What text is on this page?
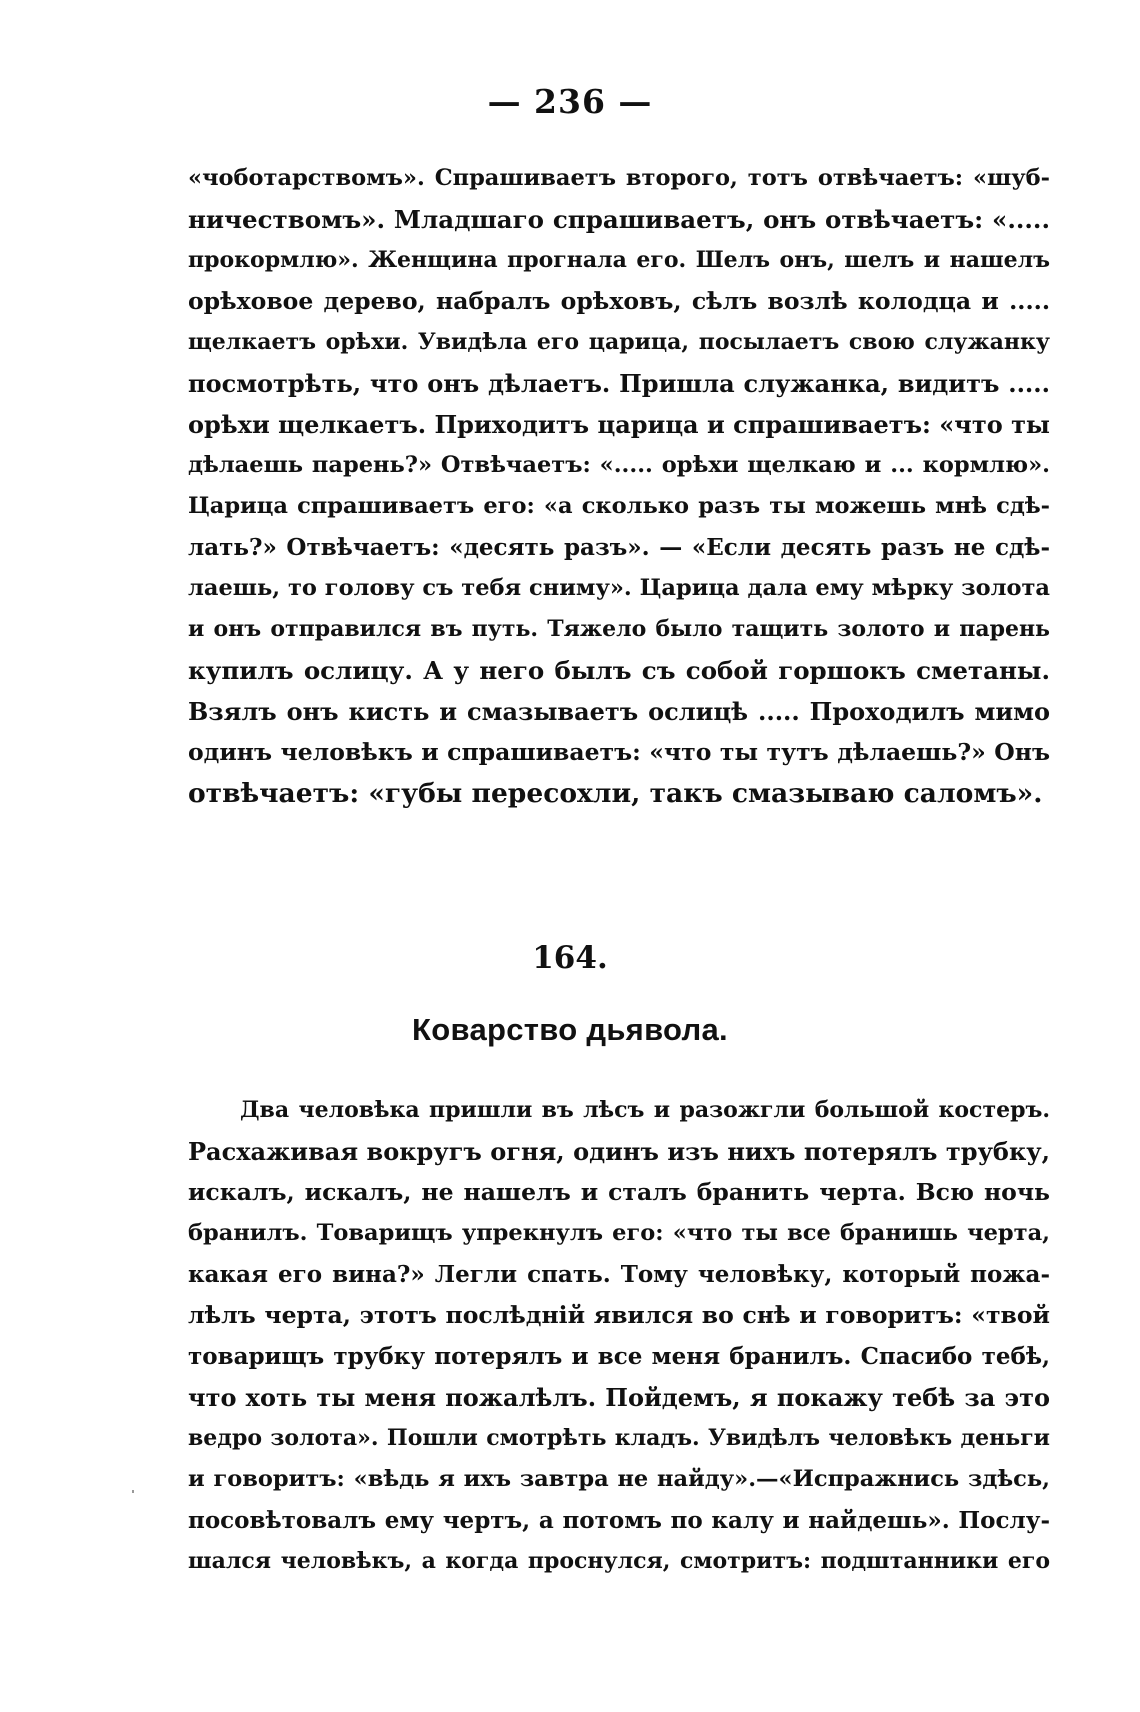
— 236 —
«чоботарствомъ». Спрашиваетъ второго, тотъ отвѣчаетъ: «шуб-
ничествомъ». Младшаго спрашиваетъ, онъ отвѣчаетъ: «.....
прокормлю». Женщина прогнала его. Шелъ онъ, шелъ и нашелъ
орѣховое дерево, набралъ орѣховъ, сѣлъ возлѣ колодца и .....
щелкаетъ орѣхи. Увидѣла его царица, посылаетъ свою служанку
посмотрѣть, что онъ дѣлаетъ. Пришла служанка, видитъ .....
орѣхи щелкаетъ. Приходитъ царица и спрашиваетъ: «что ты
дѣлаешь парень?» Отвѣчаетъ: «..... орѣхи щелкаю и ... кормлю».
Царица спрашиваетъ его: «а сколько разъ ты можешь мнѣ сдѣ-
лать?» Отвѣчаетъ: «десять разъ». — «Если десять разъ не сдѣ-
лаешь, то голову съ тебя сниму». Царица дала ему мѣрку золота
и онъ отправился въ путь. Тяжело было тащить золото и парень
купилъ ослицу. А у него былъ съ собой горшокъ сметаны.
Взялъ онъ кисть и смазываетъ ослицѣ ..... Проходилъ мимо
одинъ человѣкъ и спрашиваетъ: «что ты тутъ дѣлаешь?» Онъ
отвѣчаетъ: «губы пересохли, такъ смазываю саломъ».
164.
Коварство дьявола.
Два человѣка пришли въ лѣсъ и разожгли большой костеръ.
Расхаживая вокругъ огня, одинъ изъ нихъ потерялъ трубку,
искалъ, искалъ, не нашелъ и сталъ бранить черта. Всю ночь
бранилъ. Товарищъ упрекнулъ его: «что ты все бранишь черта,
какая его вина?» Легли спать. Тому человѣку, который пожа-
лѣлъ черта, этотъ послѣдній явился во снѣ и говоритъ: «твой
товарищъ трубку потерялъ и все меня бранилъ. Спасибо тебѣ,
что хоть ты меня пожалѣлъ. Пойдемъ, я покажу тебѣ за это
ведро золота». Пошли смотрѣть кладъ. Увидѣлъ человѣкъ деньги
и говоритъ: «вѣдь я ихъ завтра не найду».—«Испражнись здѣсь,
посовѣтовалъ ему чертъ, а потомъ по калу и найдешь». Послу-
шался человѣкъ, а когда проснулся, смотритъ: подштанники его
